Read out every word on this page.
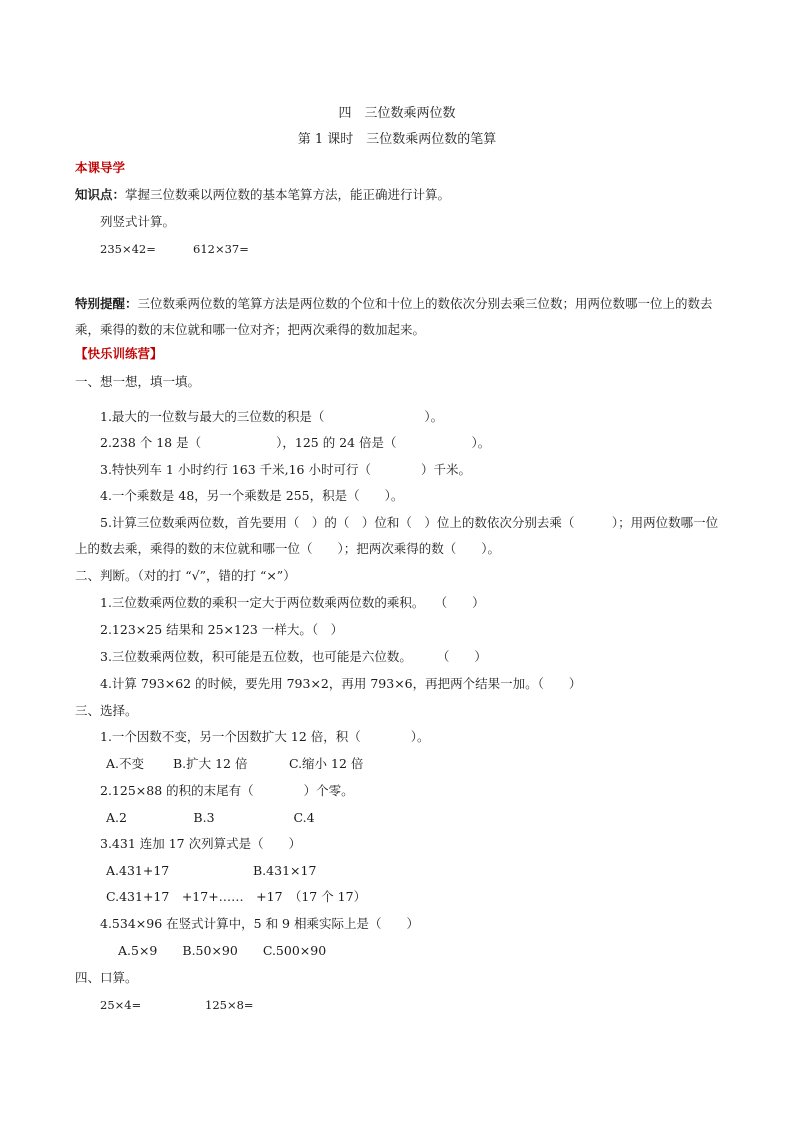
四　三位数乘两位数
第 1 课时　三位数乘两位数的笔算
本课导学
知识点：掌握三位数乘以两位数的基本笔算方法，能正确进行计算。
列竖式计算。
235×42=	612×37=
特别提醒：三位数乘两位数的笔算方法是两位数的个位和十位上的数依次分别去乘三位数；用两位数哪一位上的数去乘，乘得的数的末位就和哪一位对齐；把两次乘得的数加起来。
【快乐训练营】
一、想一想，填一填。
1.最大的一位数与最大的三位数的积是（　　　　　　　　）。
2.238 个 18 是（　　　　　　），125 的 24 倍是（　　　　　　）。
3.特快列车 1 小时约行 163 千米,16 小时可行（　　　　）千米。
4.一个乘数是 48，另一个乘数是 255，积是（　　）。
5.计算三位数乘两位数，首先要用（　）的（　）位和（　）位上的数依次分别去乘（　　　）；用两位数哪一位上的数去乘，乘得的数的末位就和哪一位（　　）；把两次乘得的数（　　）。
二、判断。（对的打 “√”，错的打 “×”）
1.三位数乘两位数的乘积一定大于两位数乘两位数的乘积。　 （　　）
2.123×25 结果和 25×123 一样大。（　）
3.三位数乘两位数，积可能是五位数，也可能是六位数。　　　（　　）
4.计算 793×62 的时候，要先用 793×2，再用 793×6，再把两个结果一加。（　　）
三、选择。
1.一个因数不变，另一个因数扩大 12 倍，积（　　　　）。
A.不变　　 B.扩大 12 倍　　　 C.缩小 12 倍
2.125×88 的积的末尾有（　　　　）个零。
A.2　　　　　 B.3　　　　　　 C.4
3.431 连加 17 次列算式是（　　）
A.431+17	B.431×17
C.431+17　+17+……　+17　（17 个 17）
4.534×96 在竖式计算中，5 和 9 相乘实际上是（　　）
A.5×9　　B.50×90　　C.500×90
四、口算。
25×4=	125×8=
